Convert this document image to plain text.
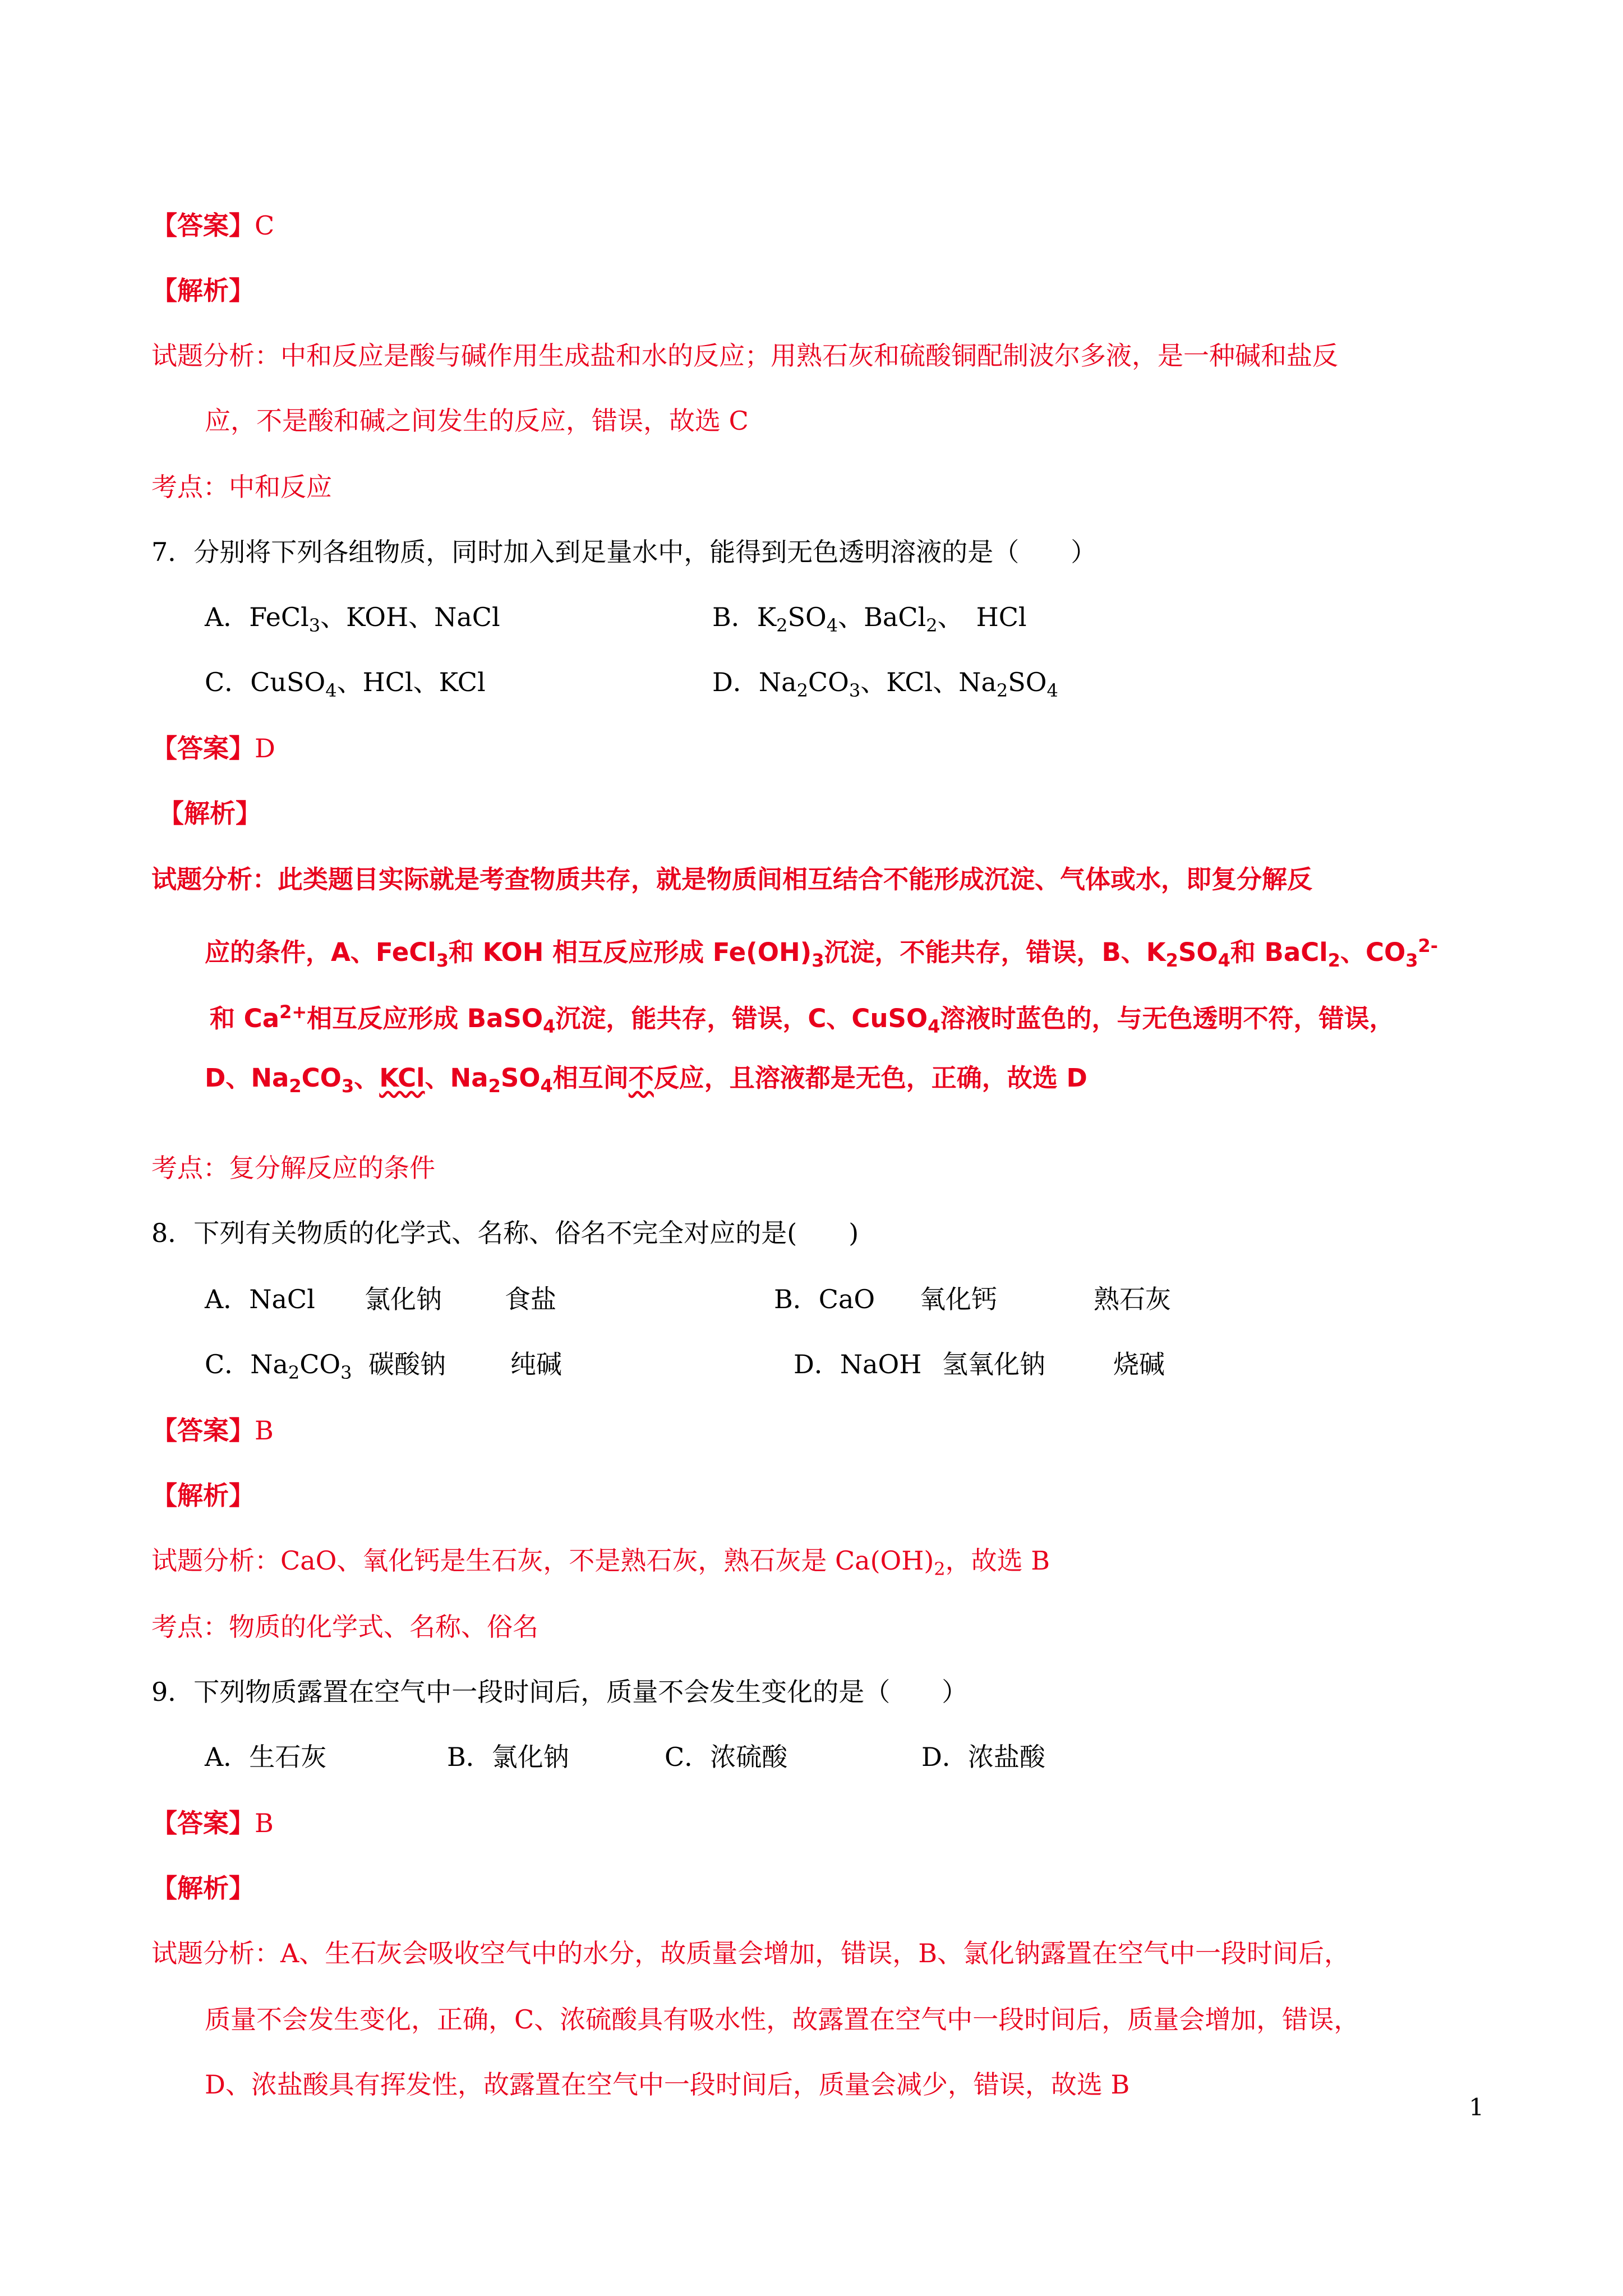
【答案】C
【解析】
试题分析：中和反应是酸与碱作用生成盐和水的反应；用熟石灰和硫酸铜配制波尔多液，是一种碱和盐反
应，不是酸和碱之间发生的反应，错误，故选 C
考点：中和反应
7．分别将下列各组物质，同时加入到足量水中，能得到无色透明溶液的是（　　）
A．FeCl$_3$、KOH、NaCl	B．$K_2SO_4$、BaCl$_2$、　HCl
C．CuSO$_4$、HCl、KCl	D．$Na_2CO_3$、KCl、$Na_2SO_4$
【答案】D
【解析】
试题分析：此类题目实际就是考查物质共存，就是物质间相互结合不能形成沉淀、气体或水，即复分解反
应的条件，A、FeCl$_3$和 KOH 相互反应形成 $Fe(OH)_3$沉淀，不能共存，错误，B、$K_2SO_4$和 BaCl$_2$、$CO_3^{2-}$
和 $Ca^{2+}$相互反应形成 BaSO$_4$沉淀，能共存，错误，C、CuSO$_4$溶液时蓝色的，与无色透明不符，错误，
D、$Na_2CO_3$、KCl、$Na_2SO_4$相互间不反应，且溶液都是无色，正确，故选 D
考点：复分解反应的条件
8．下列有关物质的化学式、名称、俗名不完全对应的是(　　)
A．NaCl 氯化钠 食盐	B．CaO 氧化钙	熟石灰
C．$Na_2CO_3$ 碳酸钠	纯碱	D．NaOH 氢氧化钠	烧碱
【答案】B
【解析】
试题分析：CaO、氧化钙是生石灰，不是熟石灰，熟石灰是 $Ca(OH)_2$，故选 B
考点：物质的化学式、名称、俗名
9．下列物质露置在空气中一段时间后，质量不会发生变化的是（　　）
A．生石灰	B．氯化钠	C．浓硫酸	D．浓盐酸
【答案】B
【解析】
试题分析：A、生石灰会吸收空气中的水分，故质量会增加，错误，B、氯化钠露置在空气中一段时间后，
质量不会发生变化，正确，C、浓硫酸具有吸水性，故露置在空气中一段时间后，质量会增加，错误，
D、浓盐酸具有挥发性，故露置在空气中一段时间后，质量会减少，错误，故选 B
1
